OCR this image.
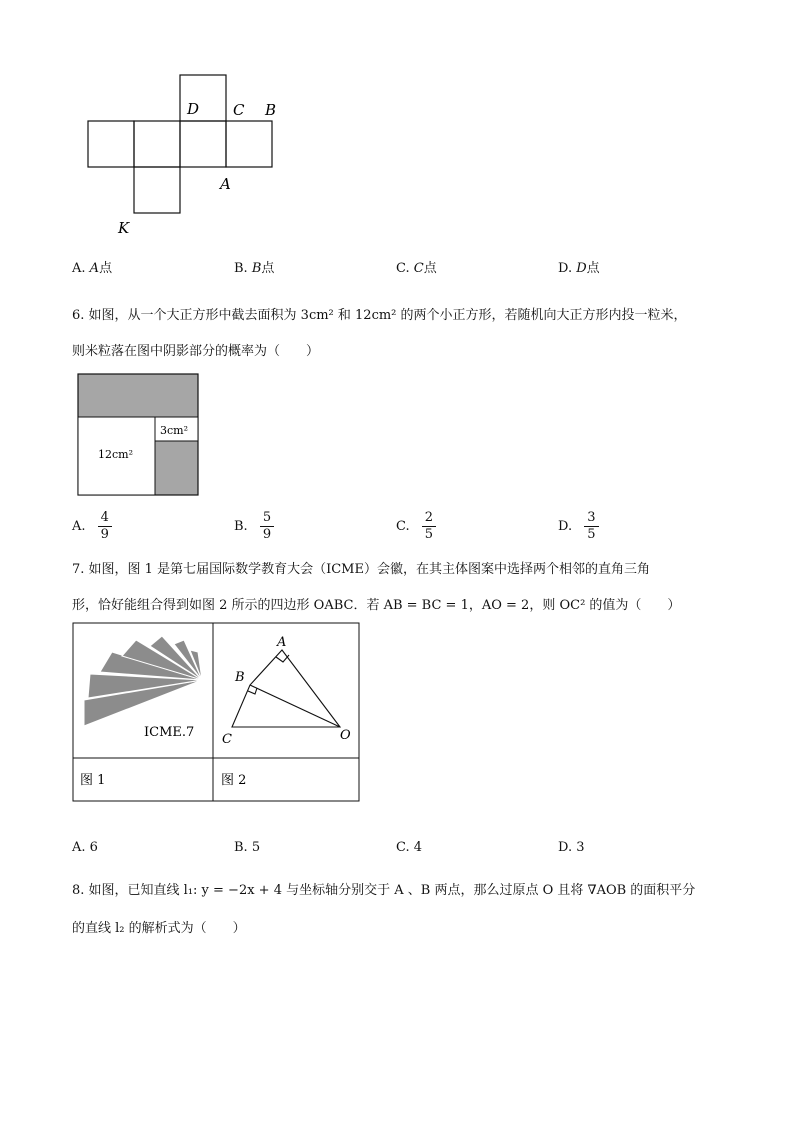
D C B
A
K
A. A点	B. B点	C. C点	D. D点
6. 如图，从一个大正方形中截去面积为 3cm² 和 12cm² 的两个小正方形，若随机向大正方形内投一粒米，
则米粒落在图中阴影部分的概率为（　　）
3cm²
12cm²
A. $\frac{4}{9}$	B. $\frac{5}{9}$	C. $\frac{2}{5}$	D. $\frac{3}{5}$
7. 如图，图 1 是第七届国际数学教育大会（ICME）会徽，在其主体图案中选择两个相邻的直角三角
形，恰好能组合得到如图 2 所示的四边形 OABC．若 AB = BC = 1，AO = 2，则 OC² 的值为（　　）
ICME.7
图 1	图 2
A
B
C	O
A. 6	B. 5	C. 4	D. 3
8. 如图，已知直线 l₁: y = −2x + 4 与坐标轴分别交于 A 、B 两点，那么过原点 O 且将 ∇AOB 的面积平分
的直线 l₂ 的解析式为（　　）
